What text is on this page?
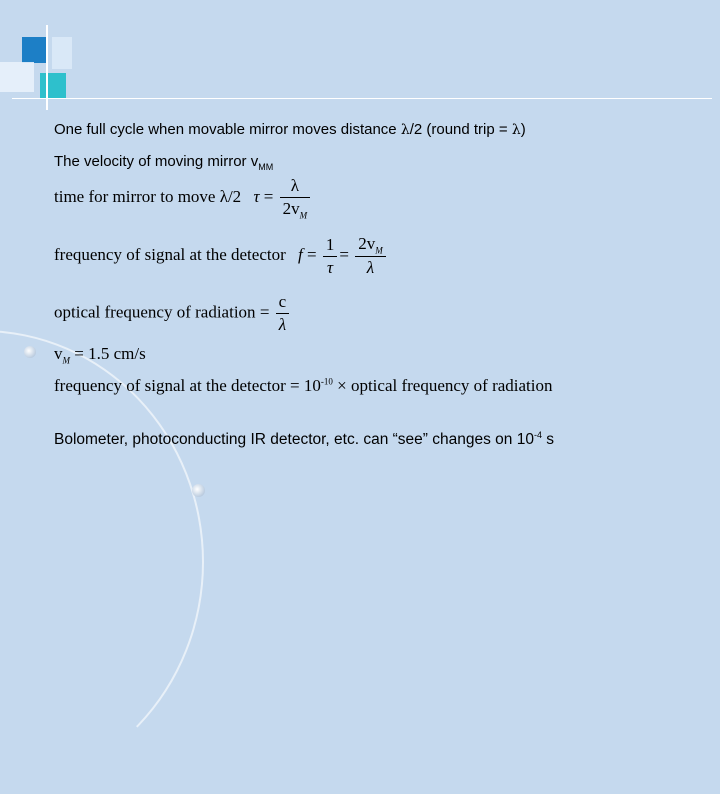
One full cycle when movable mirror moves distance λ/2 (round trip = λ)
The velocity of moving mirror $v_{MM}$
time for mirror to move λ/2 $\tau = \frac{\lambda}{2v_M}$
frequency of signal at the detector $f = \frac{1}{\tau} = \frac{2v_M}{\lambda}$
optical frequency of radiation = $\frac{c}{\lambda}$
$v_M = 1.5$ cm/s
frequency of signal at the detector = $10^{-10}$ × optical frequency of radiation
Bolometer, photoconducting IR detector, etc. can “see” changes on $10^{-4}$ s
